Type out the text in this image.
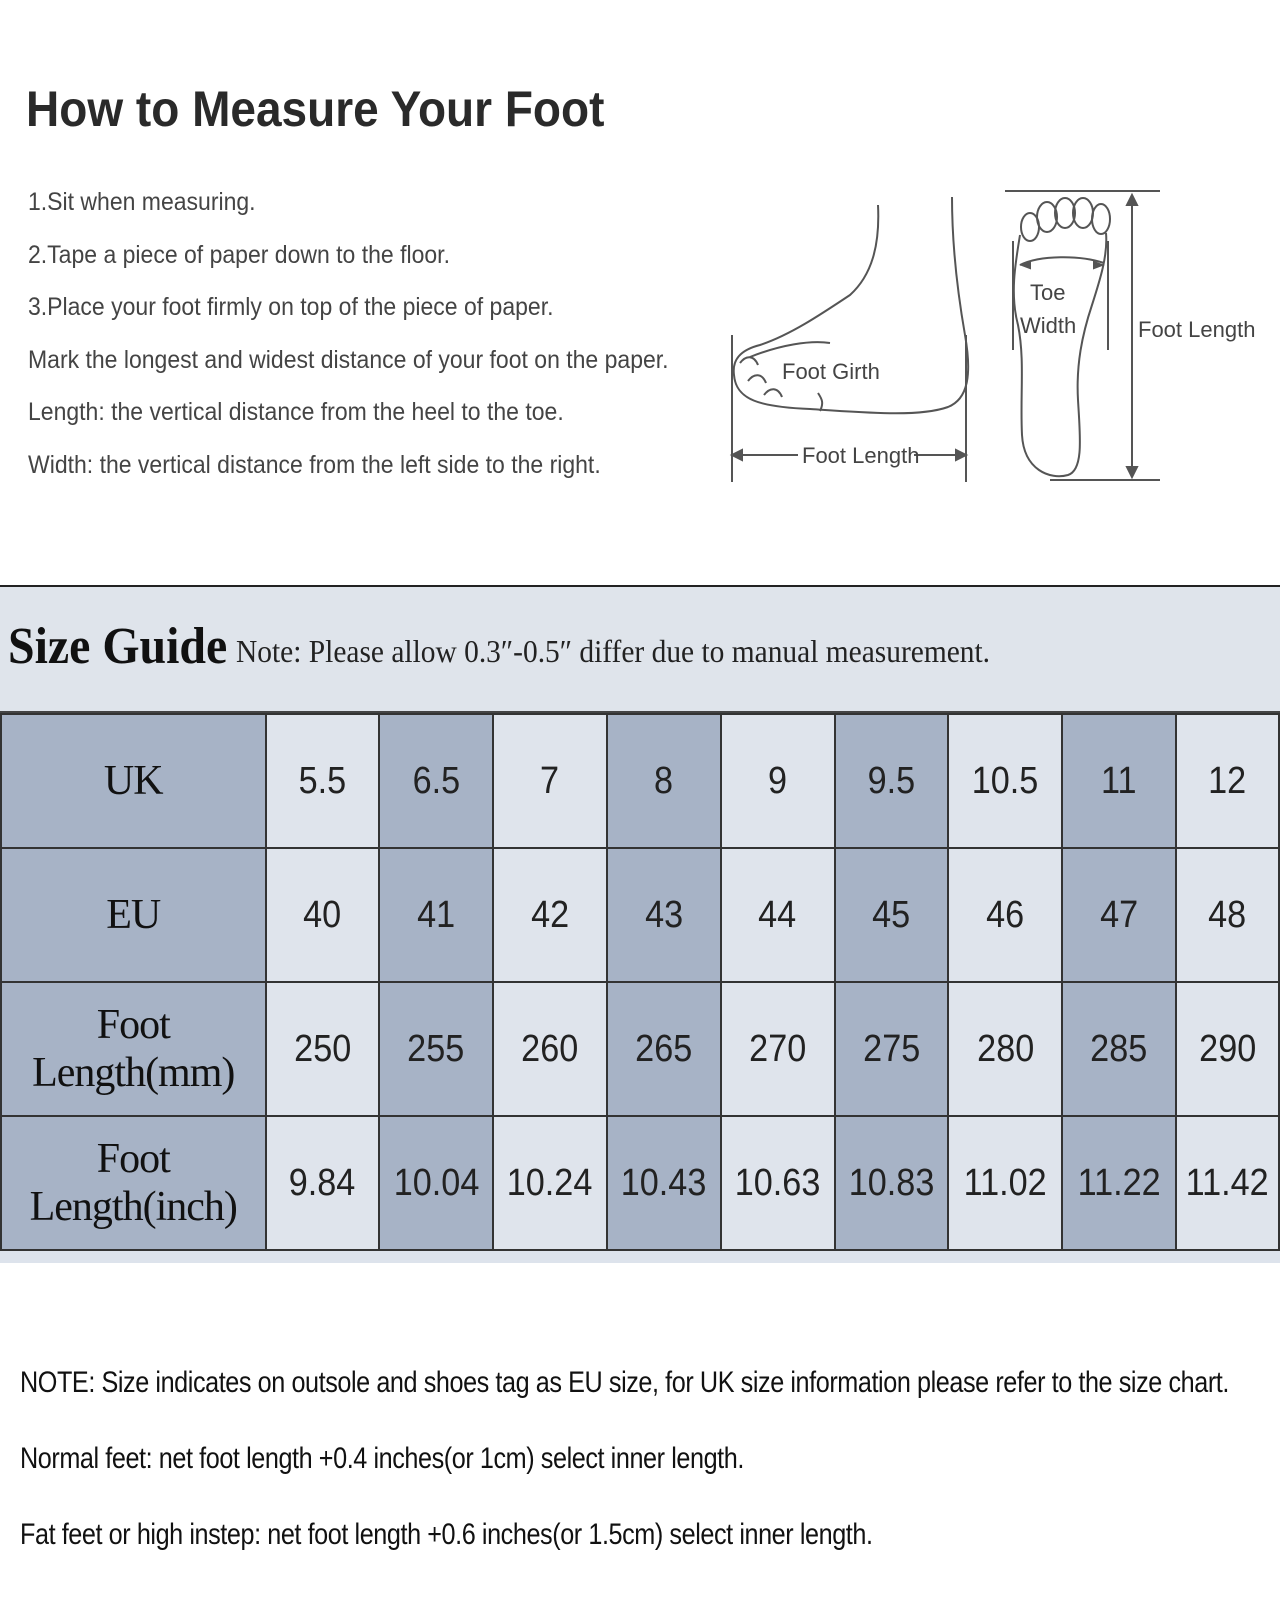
How to Measure Your Foot
1.Sit when measuring.
2.Tape a piece of paper down to the floor.
3.Place your foot firmly on top of the piece of paper.
Mark the longest and widest distance of your foot on the paper.
Length: the vertical distance from the heel to the toe.
Width: the vertical distance from the left side to the right.
Foot Girth
Foot Length
Toe
Width	Foot Length
Size Guide Note: Please allow 0.3″-0.5″ differ due to manual measurement.
UK	5.5	6.5	7	8	9	9.5	10.5	11	12
EU	40	41	42	43	44	45	46	47	48
Foot Length(mm)	250	255	260	265	270	275	280	285	290
Foot Length(inch)	9.84	10.04	10.24	10.43	10.63	10.83	11.02	11.22	11.42
NOTE: Size indicates on outsole and shoes tag as EU size, for UK size information please refer to the size chart.
Normal feet: net foot length +0.4 inches(or 1cm) select inner length.
Fat feet or high instep: net foot length +0.6 inches(or 1.5cm) select inner length.
